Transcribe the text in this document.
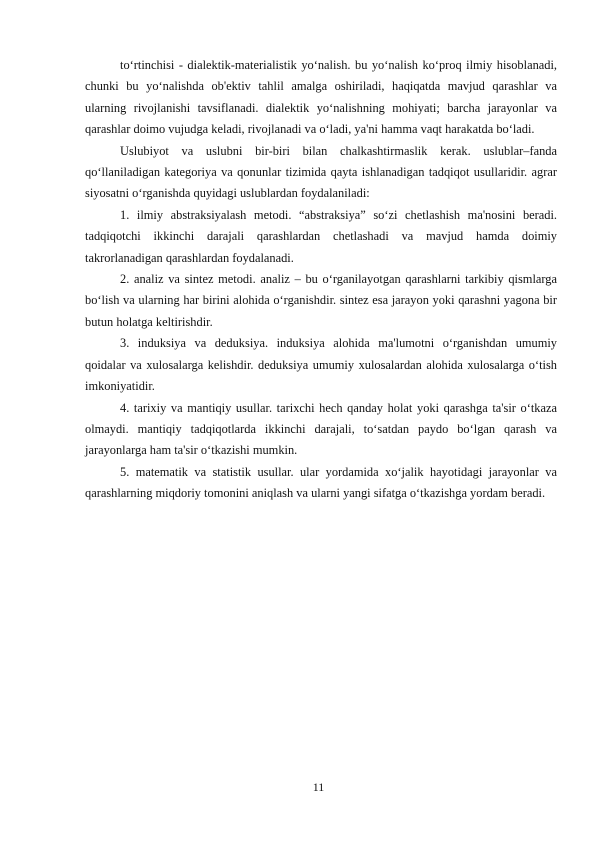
to‘rtinchisi - dialektik-materialistik yo‘nalish. bu yo‘nalish ko‘proq ilmiy hisoblanadi, chunki bu yo‘nalishda ob'ektiv tahlil amalga oshiriladi, haqiqatda mavjud qarashlar va ularning rivojlanishi tavsiflanadi. dialektik yo‘nalishning mohiyati; barcha jarayonlar va qarashlar doimo vujudga keladi, rivojlanadi va o‘ladi, ya'ni hamma vaqt harakatda bo‘ladi.

Uslubiyot va uslubni bir-biri bilan chalkashtirmaslik kerak. uslublar–fanda qo‘llaniladigan kategoriya va qonunlar tizimida qayta ishlanadigan tadqiqot usullaridir. agrar siyosatni o‘rganishda quyidagi uslublardan foydalaniladi:

1. ilmiy abstraksiyalash metodi. “abstraksiya” so‘zi chetlashish ma'nosini beradi. tadqiqotchi ikkinchi darajali qarashlardan chetlashadi va mavjud hamda doimiy takrorlanadigan qarashlardan foydalanadi.

2. analiz va sintez metodi. analiz – bu o‘rganilayotgan qarashlarni tarkibiy qismlarga bo‘lish va ularning har birini alohida o‘rganishdir. sintez esa jarayon yoki qarashni yagona bir butun holatga keltirishdir.

3. induksiya va deduksiya. induksiya alohida ma'lumotni o‘rganishdan umumiy qoidalar va xulosalarga kelishdir. deduksiya umumiy xulosalardan alohida xulosalarga o‘tish imkoniyatidir.

4. tarixiy va mantiqiy usullar. tarixchi hech qanday holat yoki qarashga ta'sir o‘tkaza olmaydi. mantiqiy tadqiqotlarda ikkinchi darajali, to‘satdan paydo bo‘lgan qarash va jarayonlarga ham ta'sir o‘tkazishi mumkin.

5. matematik va statistik usullar. ular yordamida xo‘jalik hayotidagi jarayonlar va qarashlarning miqdoriy tomonini aniqlash va ularni yangi sifatga o‘tkazishga yordam beradi.

11
